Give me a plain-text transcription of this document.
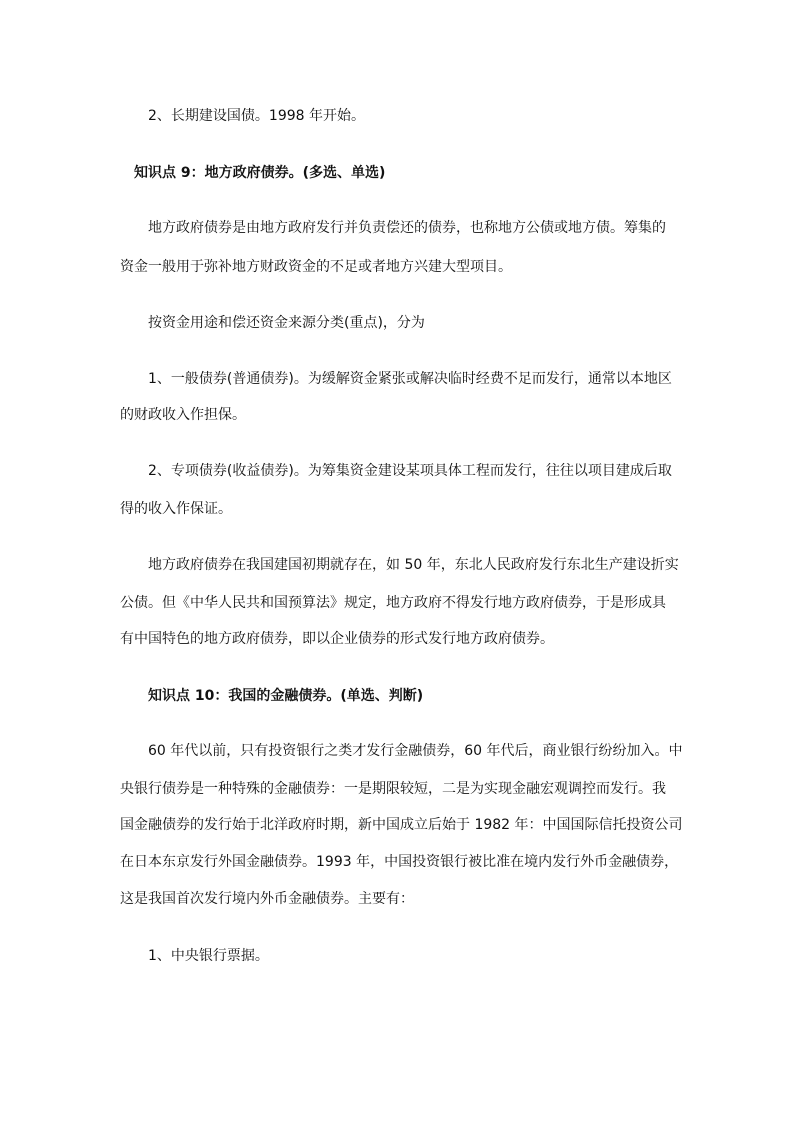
2、长期建设国债。1998 年开始。
知识点 9：地方政府债券。(多选、单选)
地方政府债券是由地方政府发行并负责偿还的债券，也称地方公债或地方债。筹集的
资金一般用于弥补地方财政资金的不足或者地方兴建大型项目。
按资金用途和偿还资金来源分类(重点)，分为
1、一般债券(普通债券)。为缓解资金紧张或解决临时经费不足而发行，通常以本地区
的财政收入作担保。
2、专项债券(收益债券)。为筹集资金建设某项具体工程而发行，往往以项目建成后取
得的收入作保证。
地方政府债券在我国建国初期就存在，如 50 年，东北人民政府发行东北生产建设折实
公债。但《中华人民共和国预算法》规定，地方政府不得发行地方政府债券，于是形成具
有中国特色的地方政府债券，即以企业债券的形式发行地方政府债券。
知识点 10：我国的金融债券。(单选、判断)
60 年代以前，只有投资银行之类才发行金融债券，60 年代后，商业银行纷纷加入。中
央银行债券是一种特殊的金融债券：一是期限较短，二是为实现金融宏观调控而发行。我
国金融债券的发行始于北洋政府时期，新中国成立后始于 1982 年：中国国际信托投资公司
在日本东京发行外国金融债券。1993 年，中国投资银行被比准在境内发行外币金融债券，
这是我国首次发行境内外币金融债券。主要有：
1、中央银行票据。
